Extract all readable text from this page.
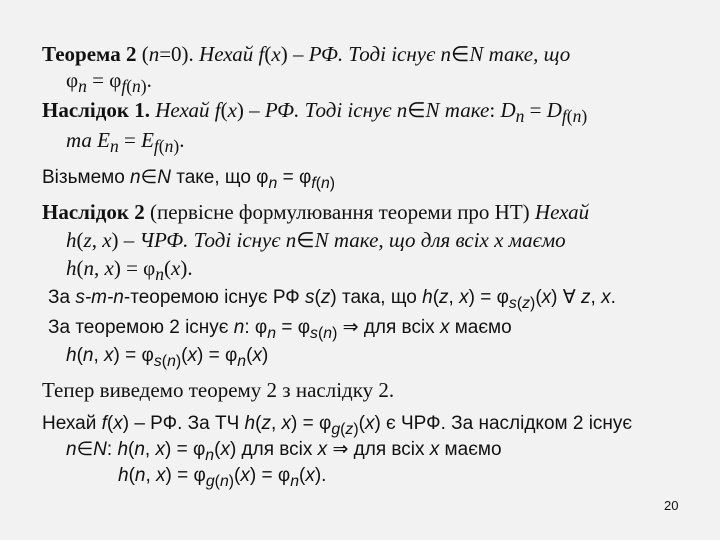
Теорема 2 (n=0). Нехай f(x) – РФ. Тоді існує n∈N таке, що
$\varphi_n = \varphi_{f(n)}$.
Наслідок 1. Нехай f(x) – РФ. Тоді існує n∈N таке: $D_n = D_{f(n)}$
та $E_n = E_{f(n)}$.
Візьмемо n∈N таке, що $\varphi_n = \varphi_{f(n)}$
Наслідок 2 (первісне формулювання теореми про НТ) Нехай
h(z, x) – ЧРФ. Тоді існує n∈N таке, що для всіх x маємо
h(n, $x) = \varphi_n(x)$.
За s-m-n-теоремою існує РФ s(z) така, що h(z, $x) = \varphi_{s(z)}(x)$ ∀ z, x.
За теоремою 2 існує n: $\varphi_n = \varphi_{s(n)}$ ⇒ для всіх x маємо
h(n, $x) = \varphi_{s(n)}(x) = \varphi_n(x)$
Тепер виведемо теорему 2 з наслідку 2.
Нехай f(x) – РФ. За ТЧ h(z, $x) = \varphi_{g(z)}(x)$ є ЧРФ. За наслідком 2 існує
n∈N: h(n, $x) = \varphi_n(x)$ для всіх x ⇒ для всіх x маємо
h(n, $x) = \varphi_{g(n)}(x) = \varphi_n(x)$.
20
